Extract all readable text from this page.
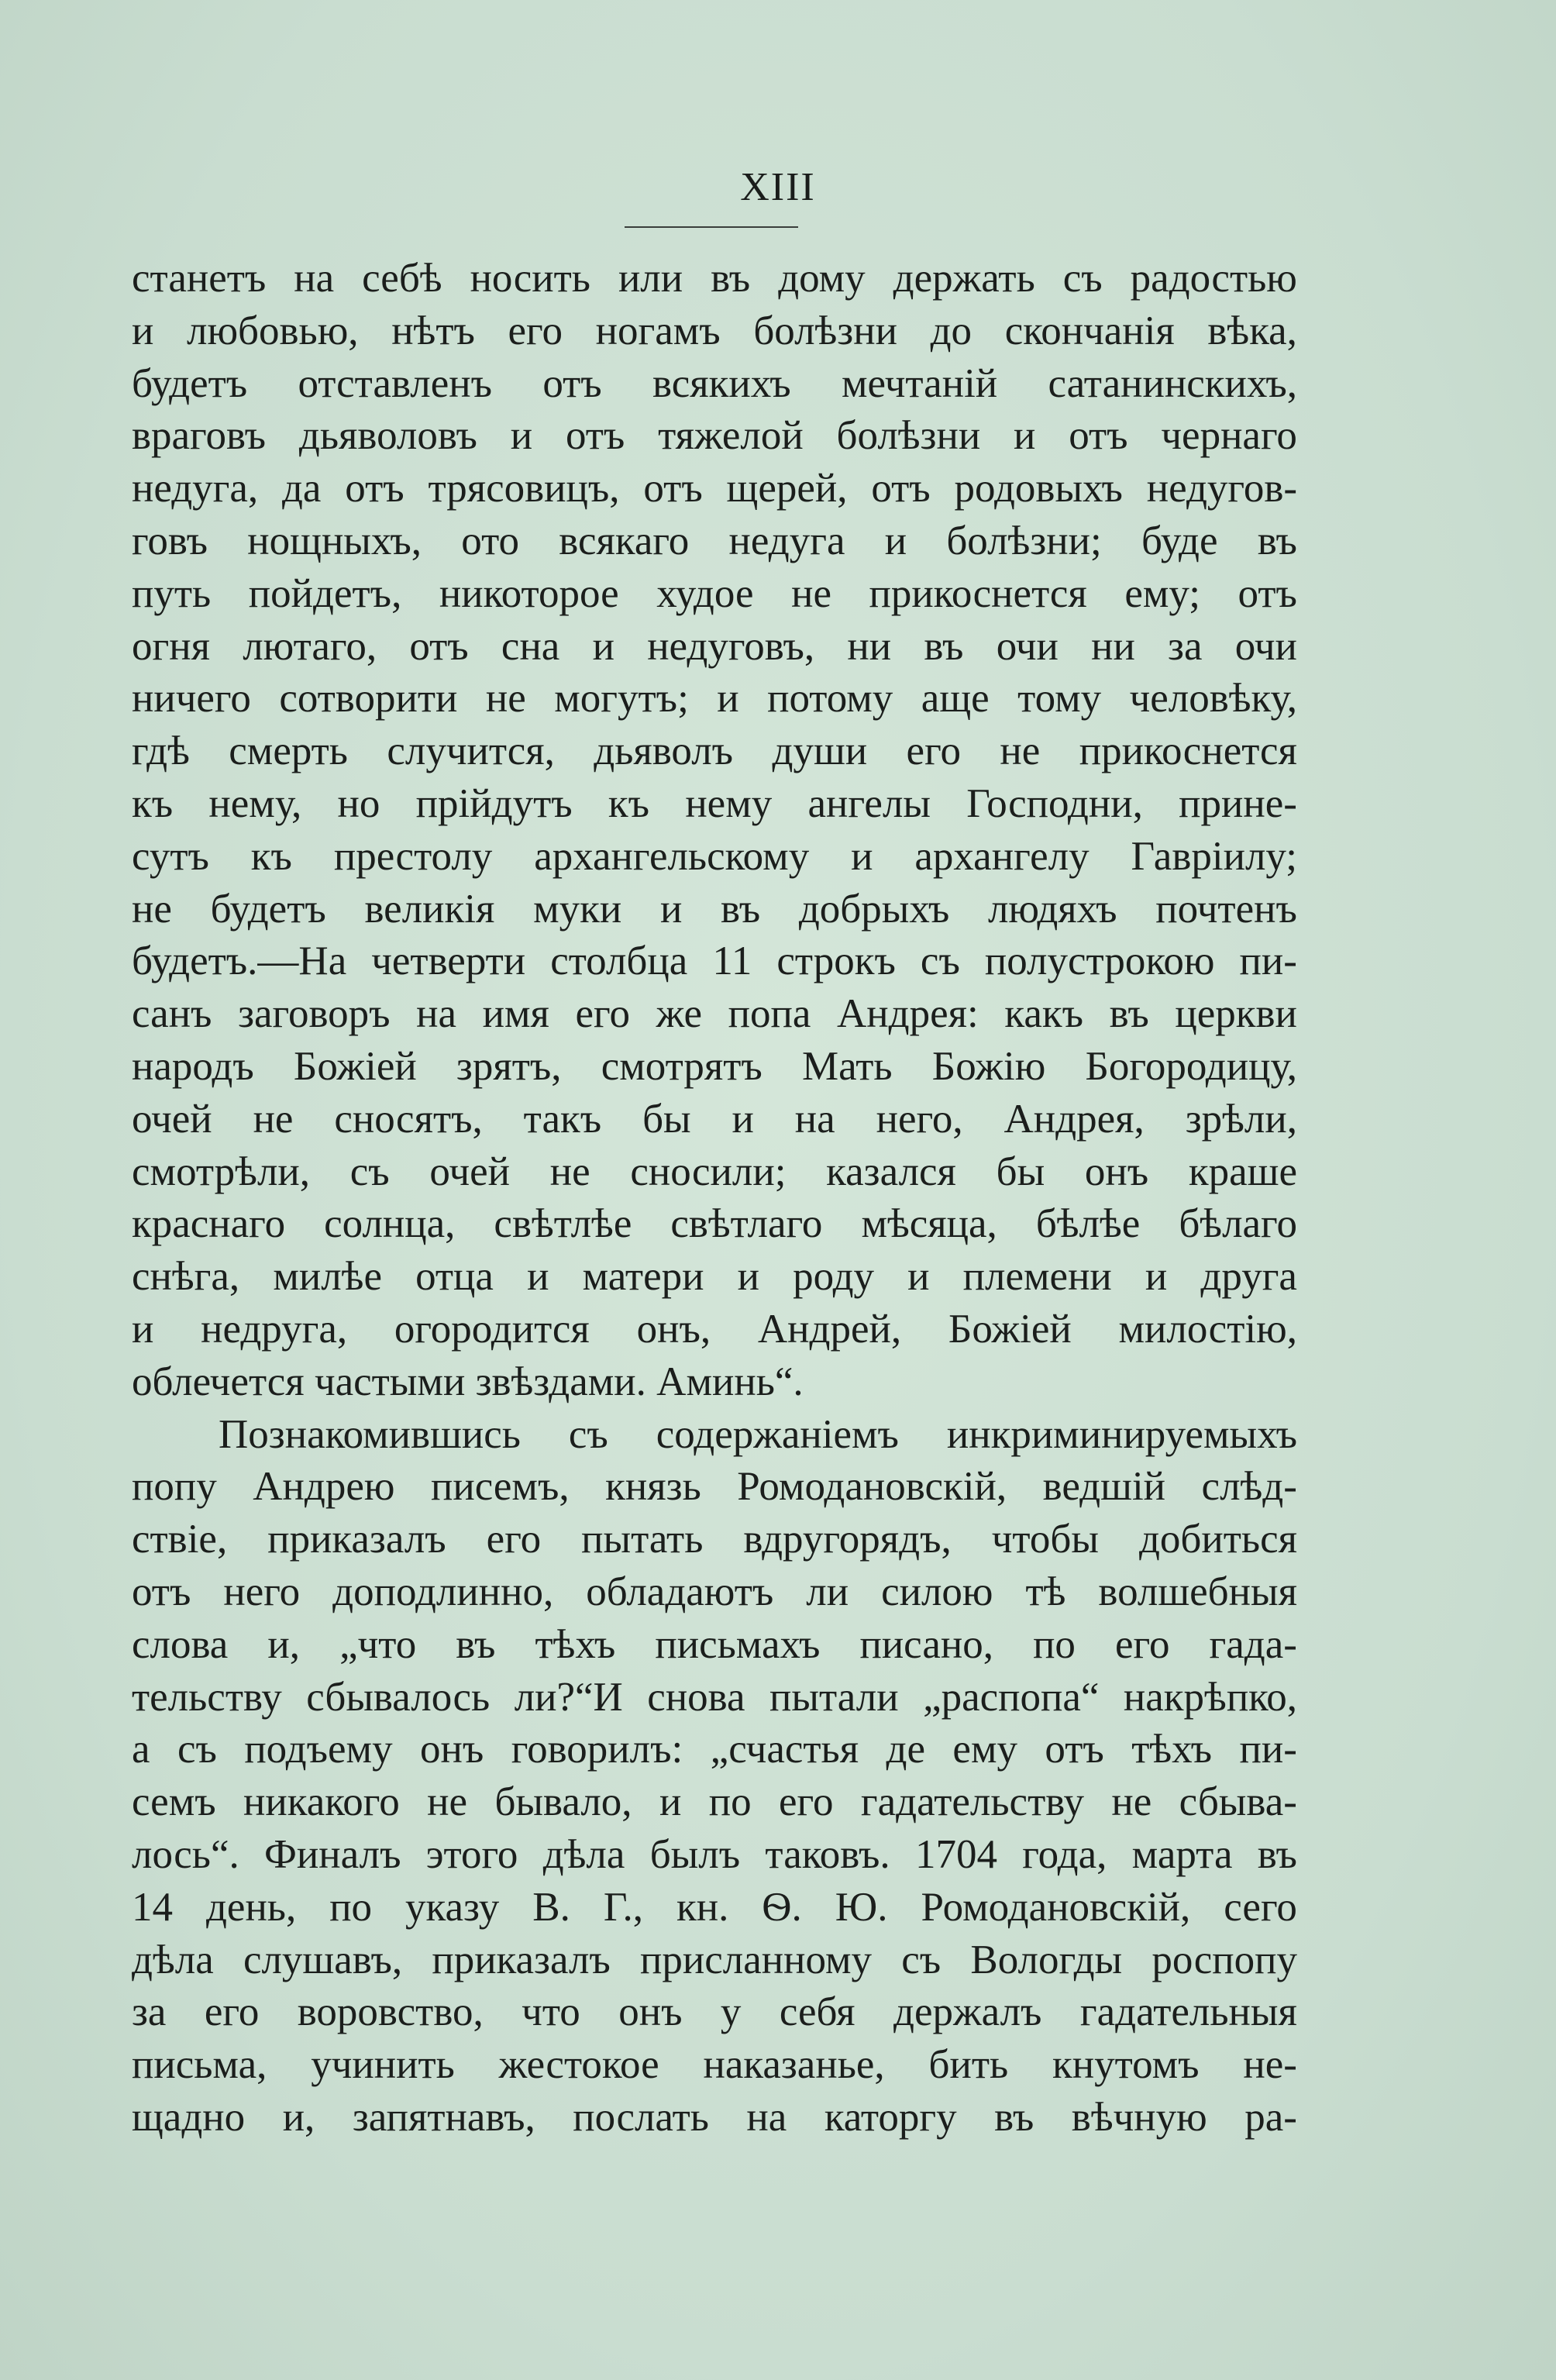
XIII
станетъ на себѣ носить или въ дому держать съ радостью
и любовью, нѣтъ его ногамъ болѣзни до скончанія вѣка,
будетъ отставленъ отъ всякихъ мечтаній сатанинскихъ,
враговъ дьяволовъ и отъ тяжелой болѣзни и отъ чернаго
недуга, да отъ трясовицъ, отъ щерей, отъ родовыхъ недугов-
говъ нощныхъ, ото всякаго недуга и болѣзни; буде въ
путь пойдетъ, никоторое худое не прикоснется ему; отъ
огня лютаго, отъ сна и недуговъ, ни въ очи ни за очи
ничего сотворити не могутъ; и потому аще тому человѣку,
гдѣ смерть случится, дьяволъ души его не прикоснется
къ нему, но прійдутъ къ нему ангелы Господни, прине-
сутъ къ престолу архангельскому и архангелу Гавріилу;
не будетъ великія муки и въ добрыхъ людяхъ почтенъ
будетъ.—На четверти столбца 11 строкъ съ полустрокою пи-
санъ заговоръ на имя его же попа Андрея: какъ въ церкви
народъ Божіей зрятъ, смотрятъ Мать Божію Богородицу,
очей не сносятъ, такъ бы и на него, Андрея, зрѣли,
смотрѣли, съ очей не сносили; казался бы онъ краше
краснаго солнца, свѣтлѣе свѣтлаго мѣсяца, бѣлѣе бѣлаго
снѣга, милѣе отца и матери и роду и племени и друга
и недруга, огородится онъ, Андрей, Божіей милостію,
облечется частыми звѣздами. Аминь“.
Познакомившись съ содержаніемъ инкриминируемыхъ
попу Андрею писемъ, князь Ромодановскій, ведшій слѣд-
ствіе, приказалъ его пытать вдругорядъ, чтобы добиться
отъ него доподлинно, обладаютъ ли силою тѣ волшебныя
слова и, „что въ тѣхъ письмахъ писано, по его гада-
тельству сбывалось ли?“И снова пытали „распопа“ накрѣпко,
а съ подъему онъ говорилъ: „счастья де ему отъ тѣхъ пи-
семъ никакого не бывало, и по его гадательству не сбыва-
лось“. Финалъ этого дѣла былъ таковъ. 1704 года, марта въ
14 день, по указу В. Г., кн. Ѳ. Ю. Ромодановскій, сего
дѣла слушавъ, приказалъ присланному съ Вологды роспопу
за его воровство, что онъ у себя держалъ гадательныя
письма, учинить жестокое наказанье, бить кнутомъ не-
щадно и, запятнавъ, послать на каторгу въ вѣчную ра-
